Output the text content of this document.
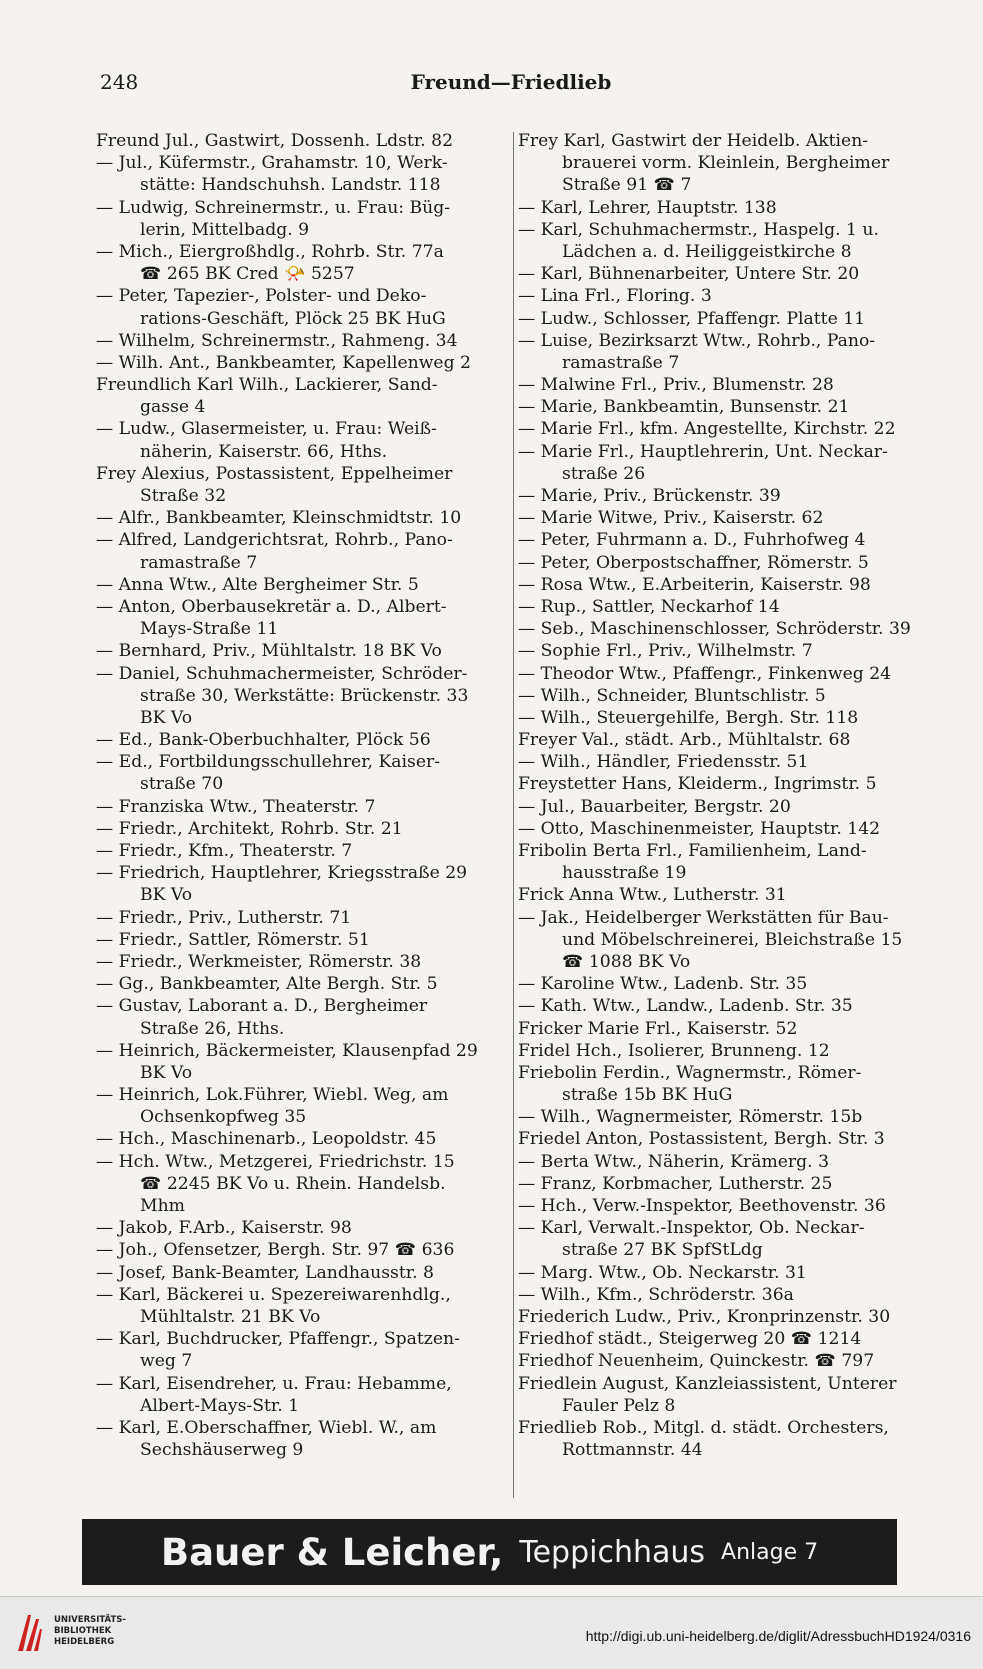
248	Freund—Friedlieb
Freund Jul., Gastwirt, Dossenh. Ldstr. 82
— Jul., Küfermstr., Grahamstr. 10, Werk-
stätte: Handschuhsh. Landstr. 118
— Ludwig, Schreinermstr., u. Frau: Büg-
lerin, Mittelbadg. 9
— Mich., Eiergroßhdlg., Rohrb. Str. 77a
☎ 265 BK Cred 📯 5257
— Peter, Tapezier-, Polster- und Deko-
rations-Geschäft, Plöck 25 BK HuG
— Wilhelm, Schreinermstr., Rahmeng. 34
— Wilh. Ant., Bankbeamter, Kapellenweg 2
Freundlich Karl Wilh., Lackierer, Sand-
gasse 4
— Ludw., Glasermeister, u. Frau: Weiß-
näherin, Kaiserstr. 66, Hths.
Frey Alexius, Postassistent, Eppelheimer
Straße 32
— Alfr., Bankbeamter, Kleinschmidtstr. 10
— Alfred, Landgerichtsrat, Rohrb., Pano-
ramastraße 7
— Anna Wtw., Alte Bergheimer Str. 5
— Anton, Oberbausekretär a. D., Albert-
Mays-Straße 11
— Bernhard, Priv., Mühltalstr. 18 BK Vo
— Daniel, Schuhmachermeister, Schröder-
straße 30, Werkstätte: Brückenstr. 33
BK Vo
— Ed., Bank-Oberbuchhalter, Plöck 56
— Ed., Fortbildungsschullehrer, Kaiser-
straße 70
— Franziska Wtw., Theaterstr. 7
— Friedr., Architekt, Rohrb. Str. 21
— Friedr., Kfm., Theaterstr. 7
— Friedrich, Hauptlehrer, Kriegsstraße 29
BK Vo
— Friedr., Priv., Lutherstr. 71
— Friedr., Sattler, Römerstr. 51
— Friedr., Werkmeister, Römerstr. 38
— Gg., Bankbeamter, Alte Bergh. Str. 5
— Gustav, Laborant a. D., Bergheimer
Straße 26, Hths.
— Heinrich, Bäckermeister, Klausenpfad 29
BK Vo
— Heinrich, Lok.Führer, Wiebl. Weg, am
Ochsenkopfweg 35
— Hch., Maschinenarb., Leopoldstr. 45
— Hch. Wtw., Metzgerei, Friedrichstr. 15
☎ 2245 BK Vo u. Rhein. Handelsb.
Mhm
— Jakob, F.Arb., Kaiserstr. 98
— Joh., Ofensetzer, Bergh. Str. 97 ☎ 636
— Josef, Bank-Beamter, Landhausstr. 8
— Karl, Bäckerei u. Spezereiwarenhdlg.,
Mühltalstr. 21 BK Vo
— Karl, Buchdrucker, Pfaffengr., Spatzen-
weg 7
— Karl, Eisendreher, u. Frau: Hebamme,
Albert-Mays-Str. 1
— Karl, E.Oberschaffner, Wiebl. W., am
Sechshäuserweg 9
Frey Karl, Gastwirt der Heidelb. Aktien-
brauerei vorm. Kleinlein, Bergheimer
Straße 91 ☎ 7
— Karl, Lehrer, Hauptstr. 138
— Karl, Schuhmachermstr., Haspelg. 1 u.
Lädchen a. d. Heiliggeistkirche 8
— Karl, Bühnenarbeiter, Untere Str. 20
— Lina Frl., Floring. 3
— Ludw., Schlosser, Pfaffengr. Platte 11
— Luise, Bezirksarzt Wtw., Rohrb., Pano-
ramastraße 7
— Malwine Frl., Priv., Blumenstr. 28
— Marie, Bankbeamtin, Bunsenstr. 21
— Marie Frl., kfm. Angestellte, Kirchstr. 22
— Marie Frl., Hauptlehrerin, Unt. Neckar-
straße 26
— Marie, Priv., Brückenstr. 39
— Marie Witwe, Priv., Kaiserstr. 62
— Peter, Fuhrmann a. D., Fuhrhofweg 4
— Peter, Oberpostschaffner, Römerstr. 5
— Rosa Wtw., E.Arbeiterin, Kaiserstr. 98
— Rup., Sattler, Neckarhof 14
— Seb., Maschinenschlosser, Schröderstr. 39
— Sophie Frl., Priv., Wilhelmstr. 7
— Theodor Wtw., Pfaffengr., Finkenweg 24
— Wilh., Schneider, Bluntschlistr. 5
— Wilh., Steuergehilfe, Bergh. Str. 118
Freyer Val., städt. Arb., Mühltalstr. 68
— Wilh., Händler, Friedensstr. 51
Freystetter Hans, Kleiderm., Ingrimstr. 5
— Jul., Bauarbeiter, Bergstr. 20
— Otto, Maschinenmeister, Hauptstr. 142
Fribolin Berta Frl., Familienheim, Land-
hausstraße 19
Frick Anna Wtw., Lutherstr. 31
— Jak., Heidelberger Werkstätten für Bau-
und Möbelschreinerei, Bleichstraße 15
☎ 1088 BK Vo
— Karoline Wtw., Ladenb. Str. 35
— Kath. Wtw., Landw., Ladenb. Str. 35
Fricker Marie Frl., Kaiserstr. 52
Fridel Hch., Isolierer, Brunneng. 12
Friebolin Ferdin., Wagnermstr., Römer-
straße 15b BK HuG
— Wilh., Wagnermeister, Römerstr. 15b
Friedel Anton, Postassistent, Bergh. Str. 3
— Berta Wtw., Näherin, Krämerg. 3
— Franz, Korbmacher, Lutherstr. 25
— Hch., Verw.-Inspektor, Beethovenstr. 36
— Karl, Verwalt.-Inspektor, Ob. Neckar-
straße 27 BK SpfStLdg
— Marg. Wtw., Ob. Neckarstr. 31
— Wilh., Kfm., Schröderstr. 36a
Friederich Ludw., Priv., Kronprinzenstr. 30
Friedhof städt., Steigerweg 20 ☎ 1214
Friedhof Neuenheim, Quinckestr. ☎ 797
Friedlein August, Kanzleiassistent, Unterer
Fauler Pelz 8
Friedlieb Rob., Mitgl. d. städt. Orchesters,
Rottmannstr. 44
Bauer & Leicher, Teppichhaus Anlage 7
UNIVERSITÄTS-
BIBLIOTHEK
HEIDELBERG	http://digi.ub.uni-heidelberg.de/diglit/AdressbuchHD1924/0316
